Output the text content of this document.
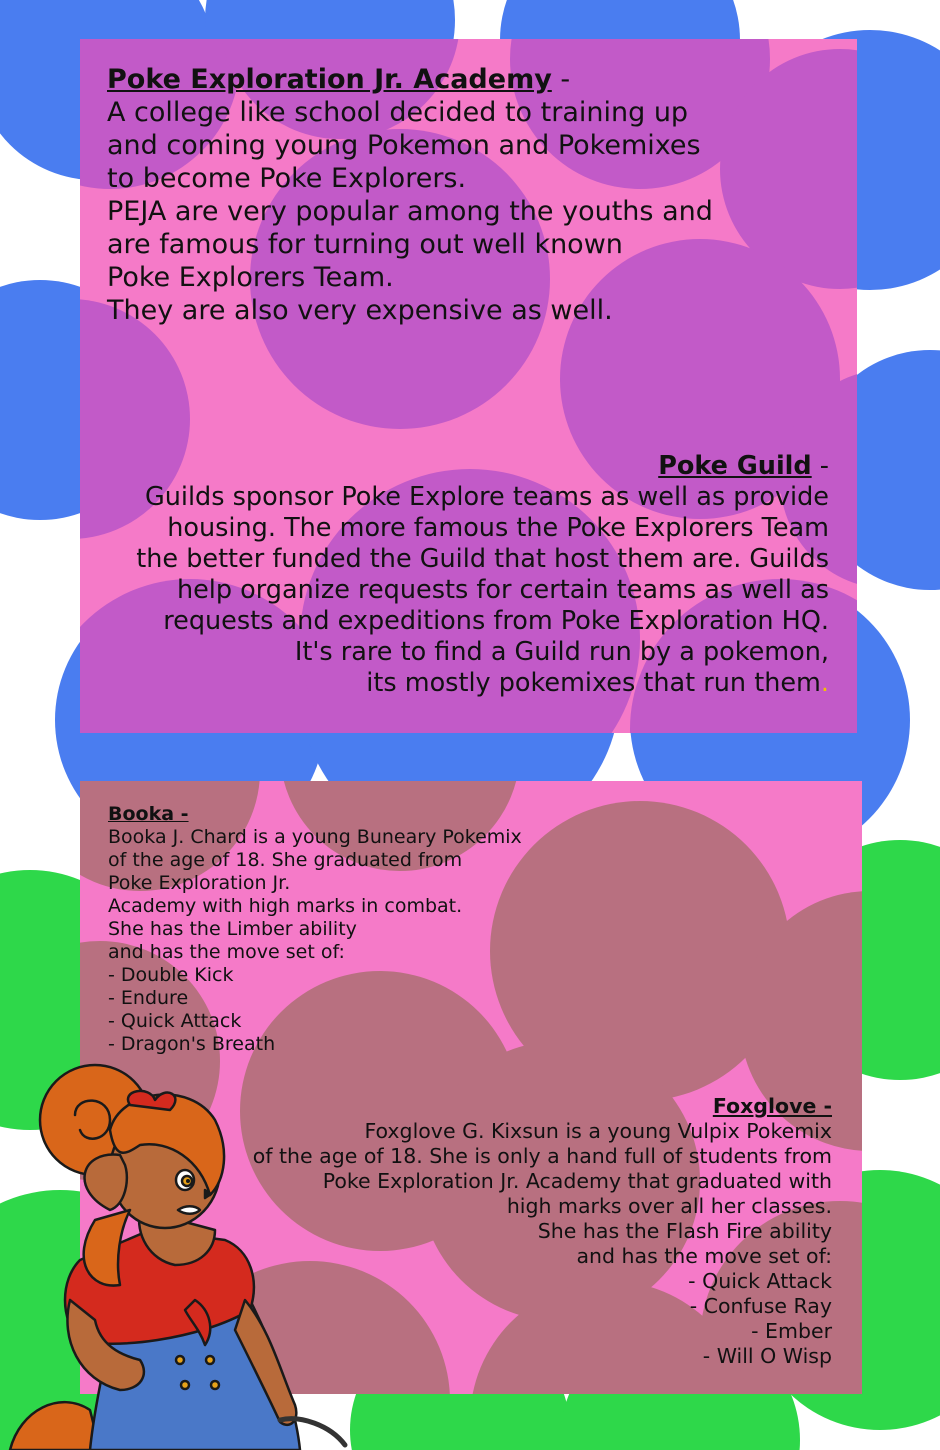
Poke Exploration Jr. Academy -
A college like school decided to training up
and coming young Pokemon and Pokemixes
to become Poke Explorers.
PEJA are very popular among the youths and
are famous for turning out well known
Poke Explorers Team.
They are also very expensive as well.
Poke Guild -
Guilds sponsor Poke Explore teams as well as provide
housing. The more famous the Poke Explorers Team
the better funded the Guild that host them are. Guilds
help organize requests for certain teams as well as
requests and expeditions from Poke Exploration HQ.
It's rare to find a Guild run by a pokemon,
its mostly pokemixes that run them.
Booka -
Booka J. Chard is a young Buneary Pokemix
of the age of 18. She graduated from
Poke Exploration Jr.
Academy with high marks in combat.
She has the Limber ability
and has the move set of:
- Double Kick
- Endure
- Quick Attack
- Dragon's Breath
Foxglove -
Foxglove G. Kixsun is a young Vulpix Pokemix
of the age of 18. She is only a hand full of students from
Poke Exploration Jr. Academy that graduated with
high marks over all her classes.
She has the Flash Fire ability
and has the move set of:
- Quick Attack
- Confuse Ray
- Ember
- Will O Wisp
